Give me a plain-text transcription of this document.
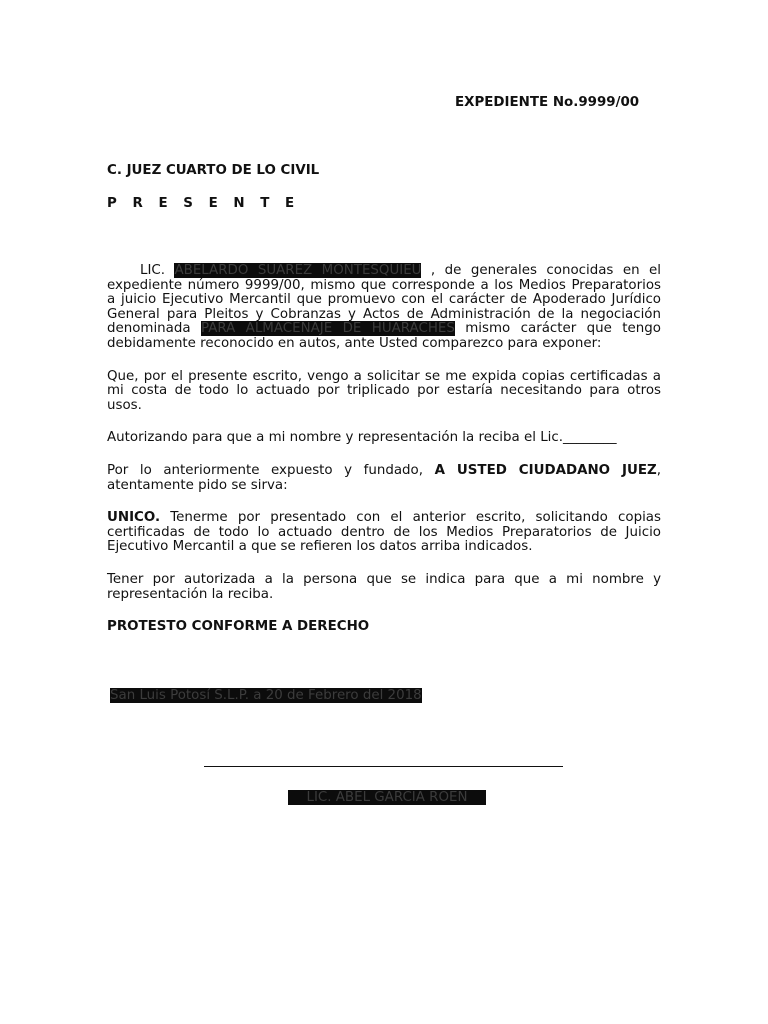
EXPEDIENTE No.9999/00
C. JUEZ CUARTO DE LO CIVIL
P R E S E N T E

LIC. ABELARDO SUAREZ MONTESQUIEU , de generales conocidas en el expediente número 9999/00, mismo que corresponde a los Medios Preparatorios a juicio Ejecutivo Mercantil que promuevo con el carácter de Apoderado Jurídico General para Pleitos y Cobranzas y Actos de Administración de la negociación denominada PARA ALMACENAJE DE HUARACHES mismo carácter que tengo debidamente reconocido en autos, ante Usted comparezco para exponer:

Que, por el presente escrito, vengo a solicitar se me expida copias certificadas a mi costa de todo lo actuado por triplicado por estaría necesitando para otros usos.

Autorizando para que a mi nombre y representación la reciba el Lic.________

Por lo anteriormente expuesto y fundado, A USTED CIUDADANO JUEZ, atentamente pido se sirva:

UNICO. Tenerme por presentado con el anterior escrito, solicitando copias certificadas de todo lo actuado dentro de los Medios Preparatorios de Juicio Ejecutivo Mercantil a que se refieren los datos arriba indicados.

Tener por autorizada a la persona que se indica para que a mi nombre y representación la reciba.

PROTESTO CONFORME A DERECHO

San Luis Potosí S.L.P. a 20 de Febrero del 2018
LIC. ABEL GARCIA ROEN
